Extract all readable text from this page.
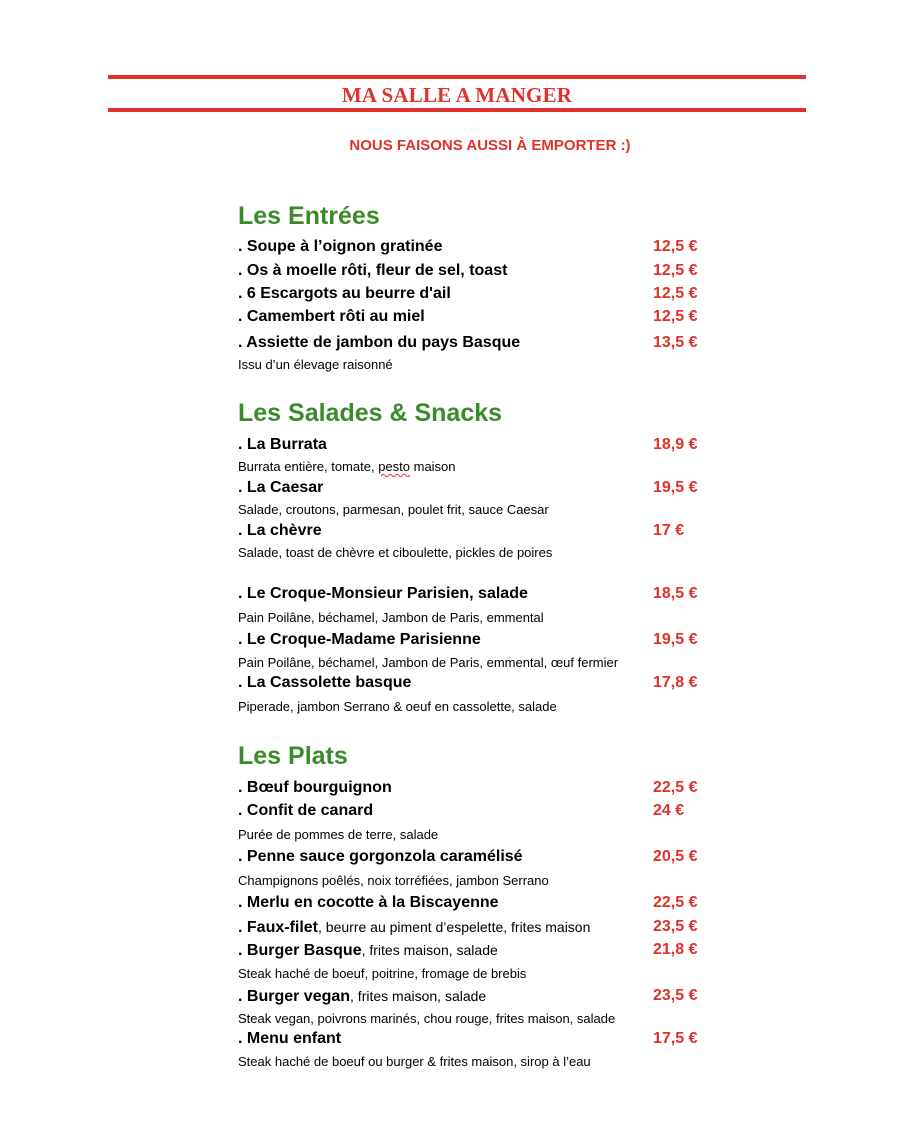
MA SALLE A MANGER
NOUS FAISONS AUSSI À EMPORTER :)
Les Entrées
. Soupe à l’oignon gratinée	12,5 €
. Os à moelle rôti, fleur de sel, toast	12,5 €
. 6 Escargots au beurre d'ail	12,5 €
. Camembert rôti au miel	12,5 €
. Assiette de jambon du pays Basque	13,5 €
Issu d’un élevage raisonné
Les Salades & Snacks
. La Burrata	18,9 €
Burrata entière, tomate, pesto maison
. La Caesar	19,5 €
Salade, croutons, parmesan, poulet frit, sauce Caesar
. La chèvre	17 €
Salade, toast de chèvre et ciboulette, pickles de poires
. Le Croque-Monsieur Parisien, salade	18,5 €
Pain Poilâne, béchamel, Jambon de Paris, emmental
. Le Croque-Madame Parisienne	19,5 €
Pain Poilâne, béchamel, Jambon de Paris, emmental, œuf fermier
. La Cassolette basque	17,8 €
Piperade, jambon Serrano & oeuf en cassolette, salade
Les Plats
. Bœuf bourguignon	22,5 €
. Confit de canard	24 €
Purée de pommes de terre, salade
. Penne sauce gorgonzola caramélisé	20,5 €
Champignons poêlés, noix torréfiées, jambon Serrano
. Merlu en cocotte à la Biscayenne	22,5 €
. Faux-filet, beurre au piment d’espelette, frites maison	23,5 €
. Burger Basque, frites maison, salade	21,8 €
Steak haché de boeuf, poitrine, fromage de brebis
. Burger vegan, frites maison, salade	23,5 €
Steak vegan, poivrons marinés, chou rouge, frites maison, salade
. Menu enfant	17,5 €
Steak haché de boeuf ou burger & frites maison, sirop à l’eau
